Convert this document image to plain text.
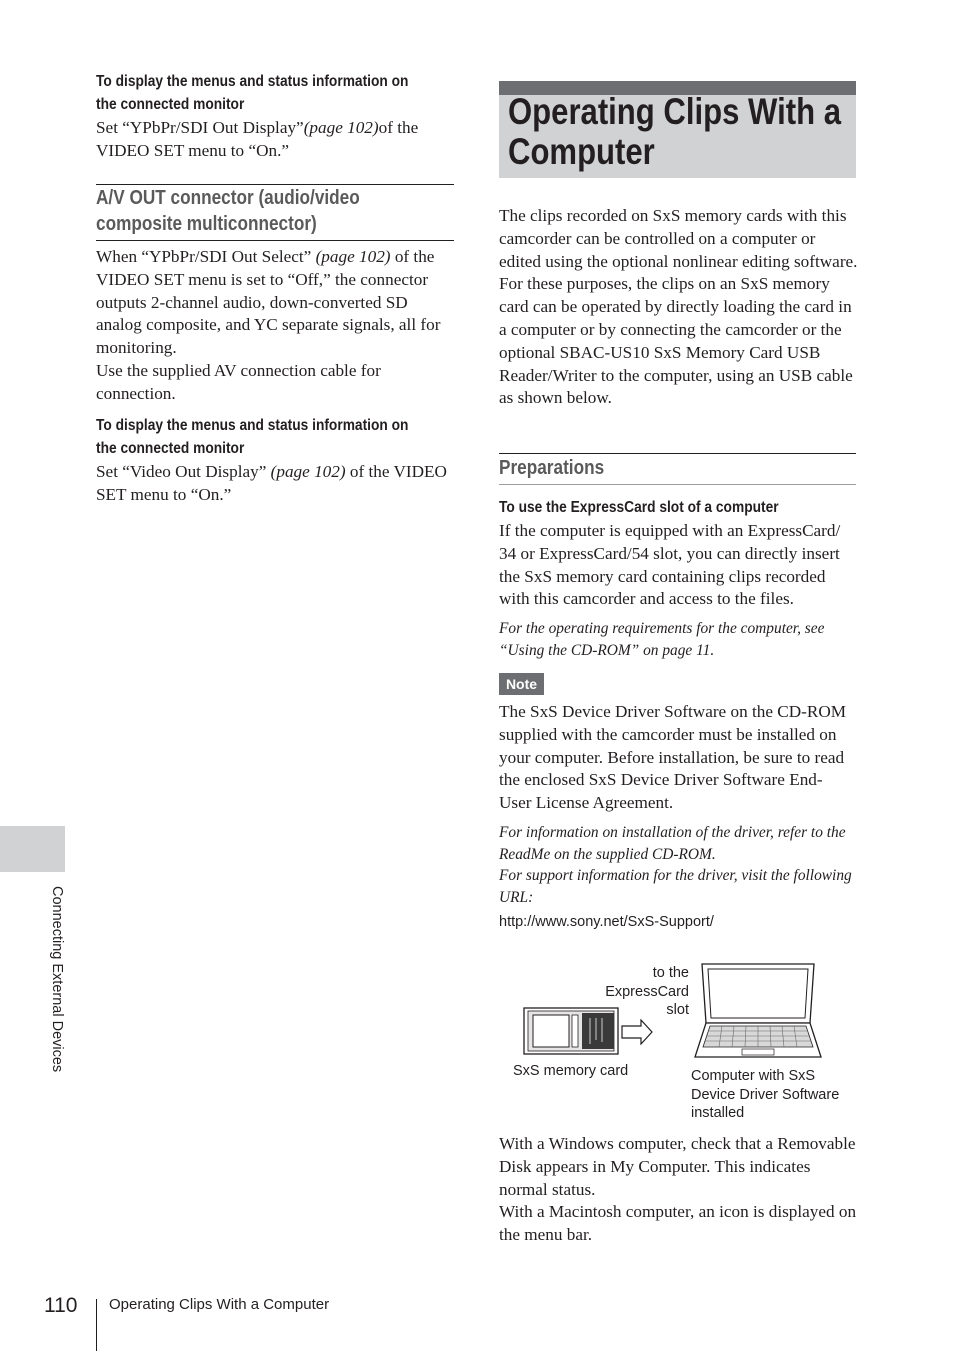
To display the menus and status information on
the connected monitor
Set “YPbPr/SDI Out Display”(page 102)of the VIDEO SET menu to “On.”
A/V OUT connector (audio/video
composite multiconnector)

When “YPbPr/SDI Out Select” (page 102) of the VIDEO SET menu is set to “Off,” the connector outputs 2-channel audio, down-converted SD analog composite, and YC separate signals, all for monitoring.

Use the supplied AV connection cable for connection.

To display the menus and status information on
the connected monitor
Set “Video Out Display” (page 102) of the VIDEO SET menu to “On.”
Operating Clips With a
Computer

The clips recorded on SxS memory cards with this camcorder can be controlled on a computer or edited using the optional nonlinear editing software.

For these purposes, the clips on an SxS memory card can be operated by directly loading the card in a computer or by connecting the camcorder or the optional SBAC-US10 SxS Memory Card USB Reader/Writer to the computer, using an USB cable as shown below.

Preparations
To use the ExpressCard slot of a computer
If the computer is equipped with an ExpressCard/ 34 or ExpressCard/54 slot, you can directly insert the SxS memory card containing clips recorded with this camcorder and access to the files.
For the operating requirements for the computer, see “Using the CD-ROM” on page 11.
Note
The SxS Device Driver Software on the CD-ROM supplied with the camcorder must be installed on your computer. Before installation, be sure to read the enclosed SxS Device Driver Software End-User License Agreement.

For information on installation of the driver, refer to the ReadMe on the supplied CD-ROM.

For support information for the driver, visit the following URL:

http://www.sony.net/SxS-Support/
to the
ExpressCard
slot
SxS memory card	Computer with SxS
Device Driver Software
installed

With a Windows computer, check that a Removable Disk appears in My Computer. This indicates normal status.

With a Macintosh computer, an icon is displayed on the menu bar.

Connecting External Devices
110 Operating Clips With a Computer
